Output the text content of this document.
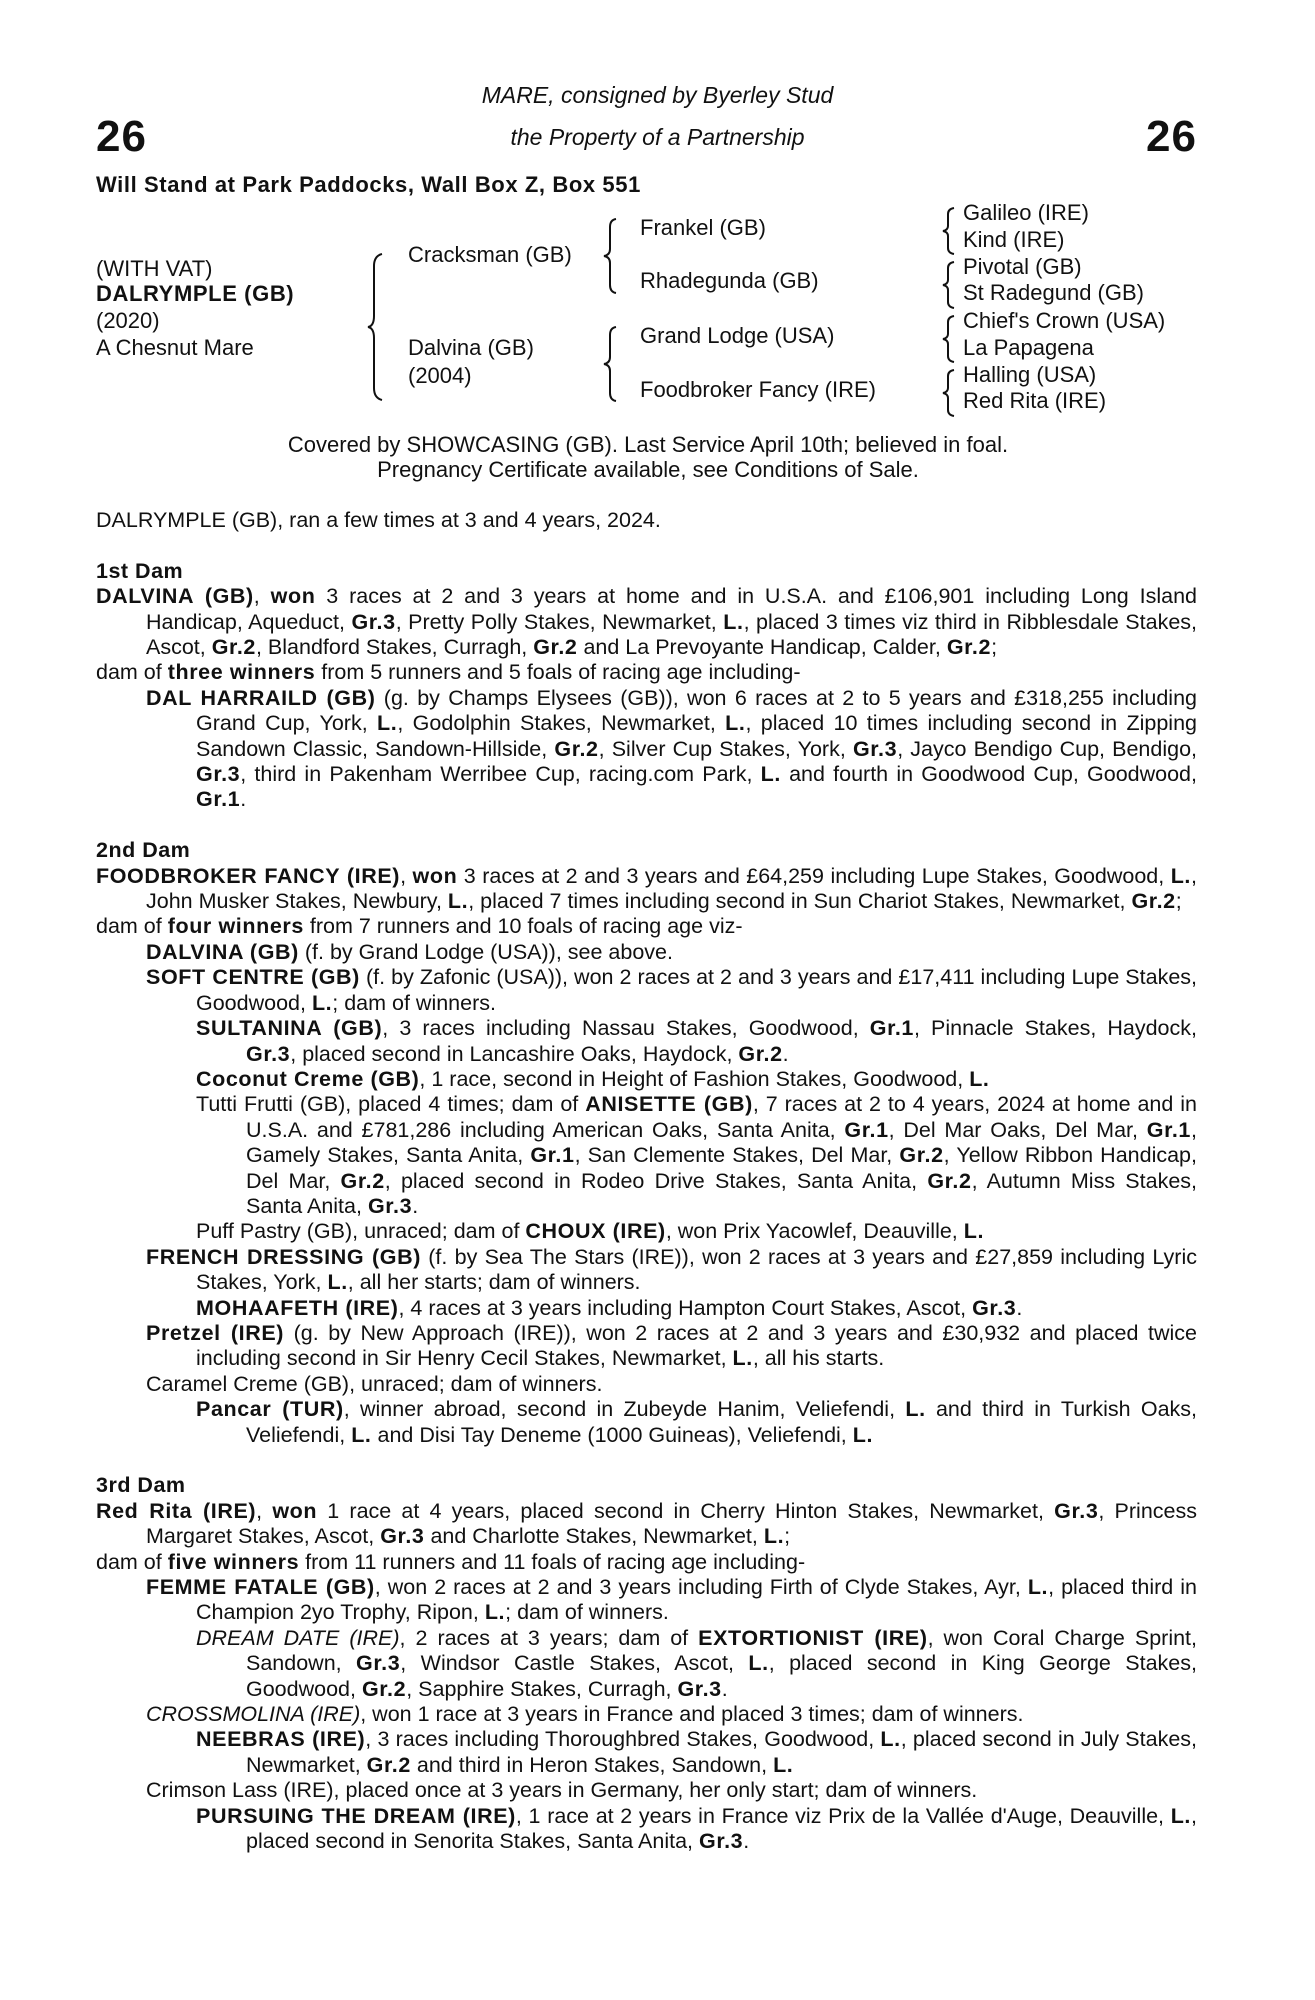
26	26
MARE, consigned by Byerley Stud
the Property of a Partnership
Will Stand at Park Paddocks, Wall Box Z, Box 551
(WITH VAT)
DALRYMPLE (GB)
(2020)
A Chesnut Mare
Cracksman (GB)
Dalvina (GB)
(2004)
Frankel (GB)
Rhadegunda (GB)
Grand Lodge (USA)
Foodbroker Fancy (IRE)
Galileo (IRE)
Kind (IRE)
Pivotal (GB)
St Radegund (GB)
Chief's Crown (USA)
La Papagena
Halling (USA)
Red Rita (IRE)
Covered by SHOWCASING (GB). Last Service April 10th; believed in foal.
Pregnancy Certificate available, see Conditions of Sale.
DALRYMPLE (GB), ran a few times at 3 and 4 years, 2024.
1st Dam
DALVINA (GB), won 3 races at 2 and 3 years at home and in U.S.A. and £106,901 including Long Island Handicap, Aqueduct, Gr.3, Pretty Polly Stakes, Newmarket, L., placed 3 times viz third in Ribblesdale Stakes, Ascot, Gr.2, Blandford Stakes, Curragh, Gr.2 and La Prevoyante Handicap, Calder, Gr.2;
dam of three winners from 5 runners and 5 foals of racing age including-
DAL HARRAILD (GB) (g. by Champs Elysees (GB)), won 6 races at 2 to 5 years and £318,255 including Grand Cup, York, L., Godolphin Stakes, Newmarket, L., placed 10 times including second in Zipping Sandown Classic, Sandown-Hillside, Gr.2, Silver Cup Stakes, York, Gr.3, Jayco Bendigo Cup, Bendigo, Gr.3, third in Pakenham Werribee Cup, racing.com Park, L. and fourth in Goodwood Cup, Goodwood, Gr.1.
2nd Dam
FOODBROKER FANCY (IRE), won 3 races at 2 and 3 years and £64,259 including Lupe Stakes, Goodwood, L., John Musker Stakes, Newbury, L., placed 7 times including second in Sun Chariot Stakes, Newmarket, Gr.2;
dam of four winners from 7 runners and 10 foals of racing age viz-
DALVINA (GB) (f. by Grand Lodge (USA)), see above.
SOFT CENTRE (GB) (f. by Zafonic (USA)), won 2 races at 2 and 3 years and £17,411 including Lupe Stakes, Goodwood, L.; dam of winners.
SULTANINA (GB), 3 races including Nassau Stakes, Goodwood, Gr.1, Pinnacle Stakes, Haydock, Gr.3, placed second in Lancashire Oaks, Haydock, Gr.2.
Coconut Creme (GB), 1 race, second in Height of Fashion Stakes, Goodwood, L.
Tutti Frutti (GB), placed 4 times; dam of ANISETTE (GB), 7 races at 2 to 4 years, 2024 at home and in U.S.A. and £781,286 including American Oaks, Santa Anita, Gr.1, Del Mar Oaks, Del Mar, Gr.1, Gamely Stakes, Santa Anita, Gr.1, San Clemente Stakes, Del Mar, Gr.2, Yellow Ribbon Handicap, Del Mar, Gr.2, placed second in Rodeo Drive Stakes, Santa Anita, Gr.2, Autumn Miss Stakes, Santa Anita, Gr.3.
Puff Pastry (GB), unraced; dam of CHOUX (IRE), won Prix Yacowlef, Deauville, L.
FRENCH DRESSING (GB) (f. by Sea The Stars (IRE)), won 2 races at 3 years and £27,859 including Lyric Stakes, York, L., all her starts; dam of winners.
MOHAAFETH (IRE), 4 races at 3 years including Hampton Court Stakes, Ascot, Gr.3.
Pretzel (IRE) (g. by New Approach (IRE)), won 2 races at 2 and 3 years and £30,932 and placed twice including second in Sir Henry Cecil Stakes, Newmarket, L., all his starts.
Caramel Creme (GB), unraced; dam of winners.
Pancar (TUR), winner abroad, second in Zubeyde Hanim, Veliefendi, L. and third in Turkish Oaks, Veliefendi, L. and Disi Tay Deneme (1000 Guineas), Veliefendi, L.
3rd Dam
Red Rita (IRE), won 1 race at 4 years, placed second in Cherry Hinton Stakes, Newmarket, Gr.3, Princess Margaret Stakes, Ascot, Gr.3 and Charlotte Stakes, Newmarket, L.;
dam of five winners from 11 runners and 11 foals of racing age including-
FEMME FATALE (GB), won 2 races at 2 and 3 years including Firth of Clyde Stakes, Ayr, L., placed third in Champion 2yo Trophy, Ripon, L.; dam of winners.
DREAM DATE (IRE), 2 races at 3 years; dam of EXTORTIONIST (IRE), won Coral Charge Sprint, Sandown, Gr.3, Windsor Castle Stakes, Ascot, L., placed second in King George Stakes, Goodwood, Gr.2, Sapphire Stakes, Curragh, Gr.3.
CROSSMOLINA (IRE), won 1 race at 3 years in France and placed 3 times; dam of winners.
NEEBRAS (IRE), 3 races including Thoroughbred Stakes, Goodwood, L., placed second in July Stakes, Newmarket, Gr.2 and third in Heron Stakes, Sandown, L.
Crimson Lass (IRE), placed once at 3 years in Germany, her only start; dam of winners.
PURSUING THE DREAM (IRE), 1 race at 2 years in France viz Prix de la Vallée d'Auge, Deauville, L., placed second in Senorita Stakes, Santa Anita, Gr.3.
